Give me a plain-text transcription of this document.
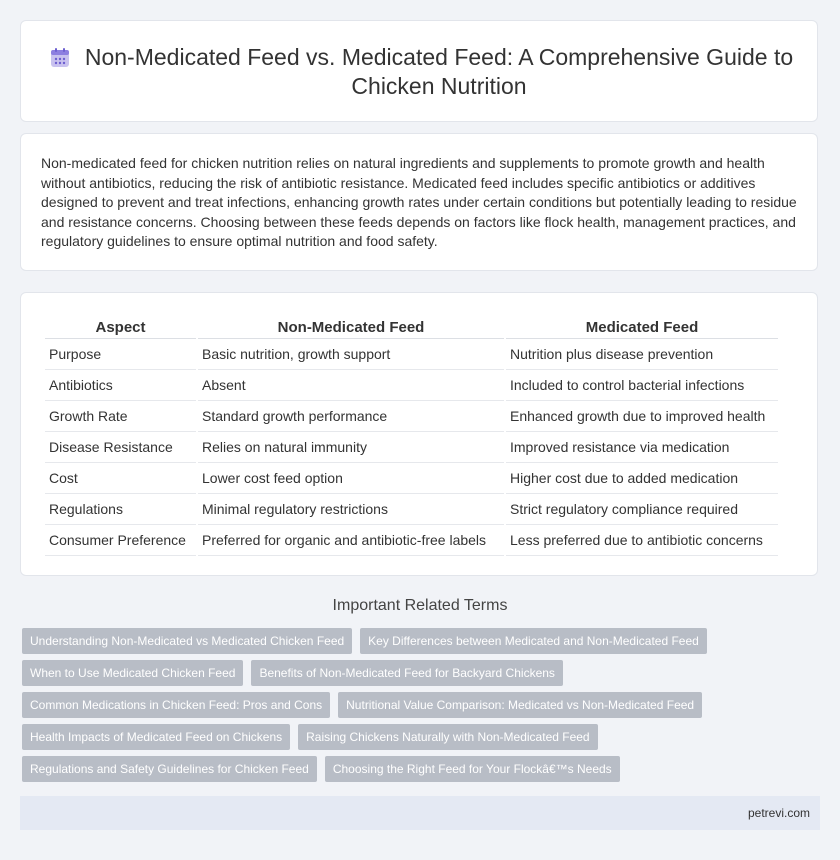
Non-Medicated Feed vs. Medicated Feed: A Comprehensive Guide to Chicken Nutrition

Non-medicated feed for chicken nutrition relies on natural ingredients and supplements to promote growth and health without antibiotics, reducing the risk of antibiotic resistance. Medicated feed includes specific antibiotics or additives designed to prevent and treat infections, enhancing growth rates under certain conditions but potentially leading to residue and resistance concerns. Choosing between these feeds depends on factors like flock health, management practices, and regulatory guidelines to ensure optimal nutrition and food safety.

Aspect	Non-Medicated Feed	Medicated Feed
Purpose	Basic nutrition, growth support	Nutrition plus disease prevention
Antibiotics	Absent	Included to control bacterial infections
Growth Rate	Standard growth performance	Enhanced growth due to improved health
Disease Resistance	Relies on natural immunity	Improved resistance via medication
Cost	Lower cost feed option	Higher cost due to added medication
Regulations	Minimal regulatory restrictions	Strict regulatory compliance required
Consumer Preference	Preferred for organic and antibiotic-free labels	Less preferred due to antibiotic concerns
Important Related Terms
Understanding Non-Medicated vs Medicated Chicken Feed	Key Differences between Medicated and Non-Medicated Feed
When to Use Medicated Chicken Feed	Benefits of Non-Medicated Feed for Backyard Chickens
Common Medications in Chicken Feed: Pros and Cons	Nutritional Value Comparison: Medicated vs Non-Medicated Feed
Health Impacts of Medicated Feed on Chickens	Raising Chickens Naturally with Non-Medicated Feed
Regulations and Safety Guidelines for Chicken Feed	Choosing the Right Feed for Your Flockâ€™s Needs
petrevi.com
